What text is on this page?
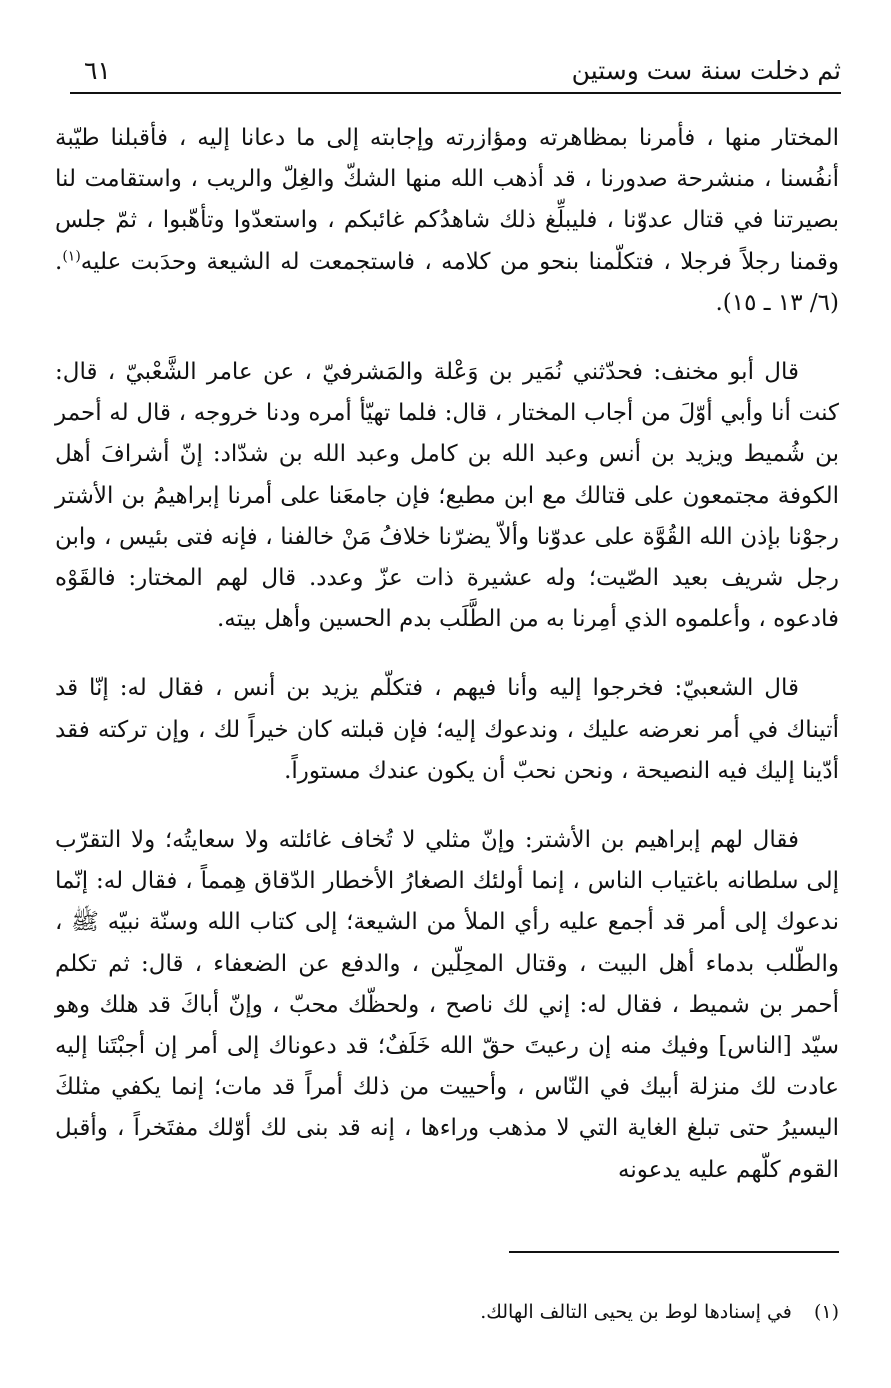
ثم دخلت سنة ست وستين
٦١

المختار منها ، فأمرنا بمظاهرته ومؤازرته وإجابته إلى ما دعانا إليه ، فأقبلنا طيّبة أنفُسنا ، منشرحة صدورنا ، قد أذهب الله منها الشكّ والغِلّ والريب ، واستقامت لنا بصيرتنا في قتال عدوّنا ، فليبلِّغ ذلك شاهدُكم غائبكم ، واستعدّوا وتأهّبوا ، ثمّ جلس وقمنا رجلاً فرجلا ، فتكلّمنا بنحو من كلامه ، فاستجمعت له الشيعة وحدَبت عليه$^{(١)}$. (٦/ ١٣ ـ ١٥).

قال أبو مخنف: فحدّثني نُمَير بن وَعْلة والمَشرفيّ ، عن عامر الشَّعْبيّ ، قال: كنت أنا وأبي أوّلَ من أجاب المختار ، قال: فلما تهيّأ أمره ودنا خروجه ، قال له أحمر بن شُميط ويزيد بن أنس وعبد الله بن كامل وعبد الله بن شدّاد: إنّ أشرافَ أهل الكوفة مجتمعون على قتالك مع ابن مطيع؛ فإن جامعَنا على أمرنا إبراهيمُ بن الأشتر رجوْنا بإذن الله القُوَّة على عدوّنا وألاّ يضرّنا خلافُ مَنْ خالفنا ، فإنه فتى بئيس ، وابن رجل شريف بعيد الصّيت؛ وله عشيرة ذات عزّ وعدد. قال لهم المختار: فالقَوْه فادعوه ، وأعلموه الذي أمِرنا به من الطَّلَب بدم الحسين وأهل بيته.

قال الشعبيّ: فخرجوا إليه وأنا فيهم ، فتكلّم يزيد بن أنس ، فقال له: إنّا قد أتيناك في أمر نعرضه عليك ، وندعوك إليه؛ فإن قبلته كان خيراً لك ، وإن تركته فقد أدّينا إليك فيه النصيحة ، ونحن نحبّ أن يكون عندك مستوراً.

فقال لهم إبراهيم بن الأشتر: وإنّ مثلي لا تُخاف غائلته ولا سعايتُه؛ ولا التقرّب إلى سلطانه باغتياب الناس ، إنما أولئك الصغارُ الأخطار الدّقاق هِمماً ، فقال له: إنّما ندعوك إلى أمر قد أجمع عليه رأي الملأ من الشيعة؛ إلى كتاب الله وسنّة نبيّه ﷺ ، والطّلب بدماء أهل البيت ، وقتال المحِلّين ، والدفع عن الضعفاء ، قال: ثم تكلم أحمر بن شميط ، فقال له: إني لك ناصح ، ولحظّك محبّ ، وإنّ أباكَ قد هلك وهو سيّد [الناس] وفيك منه إن رعيتَ حقّ الله خَلَفٌ؛ قد دعوناك إلى أمر إن أجبْتَنا إليه عادت لك منزلة أبيك في النّاس ، وأحييت من ذلك أمراً قد مات؛ إنما يكفي مثلكَ اليسيرُ حتى تبلغ الغاية التي لا مذهب وراءها ، إنه قد بنى لك أوّلك مفتَخراً ، وأقبل القوم كلّهم عليه يدعونه

(١) في إسنادها لوط بن يحيى التالف الهالك.
